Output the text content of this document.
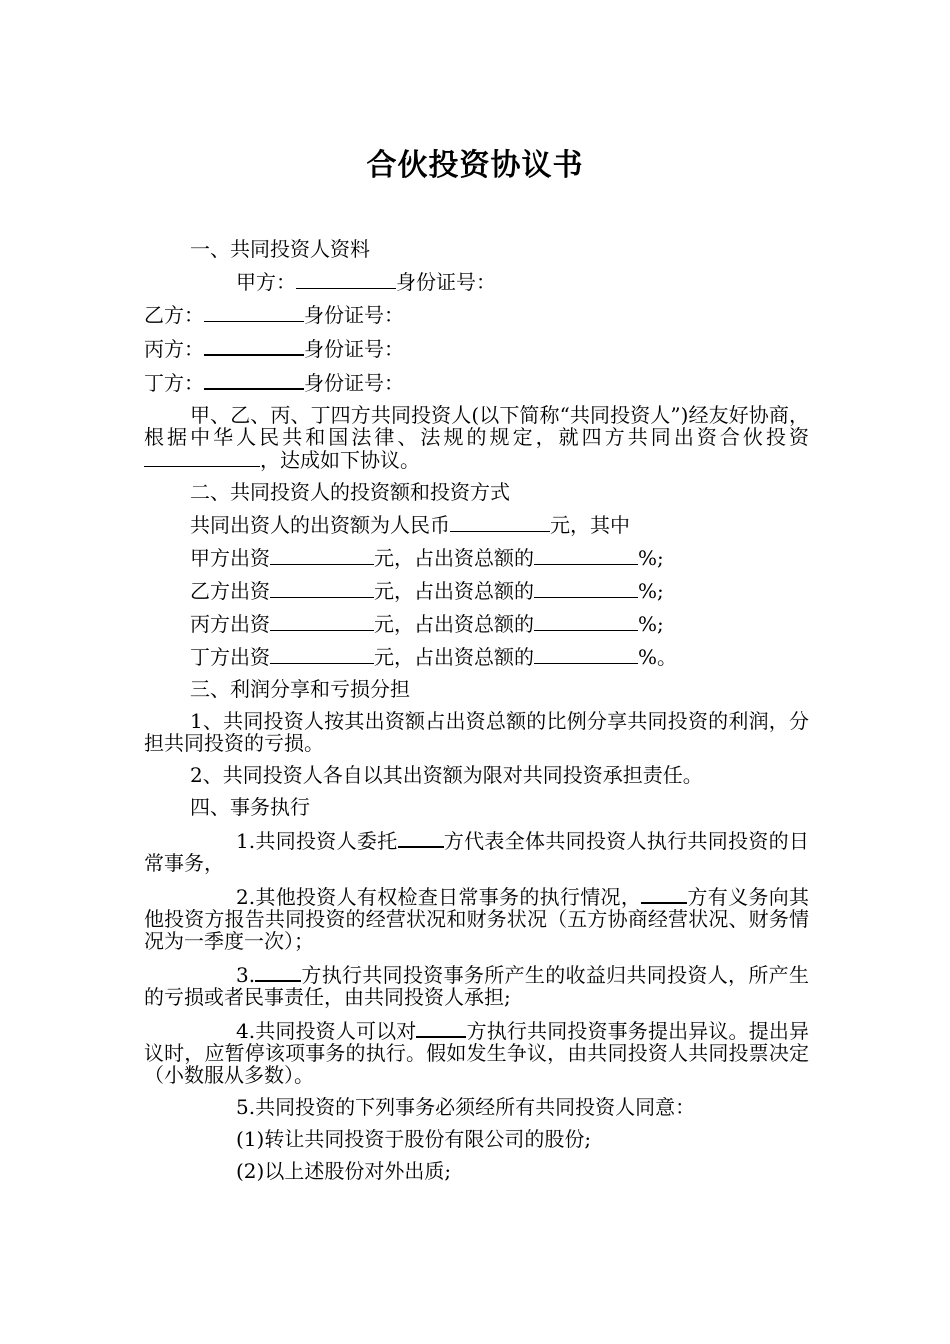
合伙投资协议书

一、共同投资人资料

甲方：	身份证号：

乙方：	身份证号：

丙方：	身份证号：

丁方：	身份证号：

甲、乙、丙、丁四方共同投资人(以下简称“共同投资人”)经友好协商，根据中华人民共和国法律、法规的规定，就四方共同出资合伙投资，达成如下协议。

二、共同投资人的投资额和投资方式

共同出资人的出资额为人民币	元，其中

甲方出资	元，占出资总额的	%;

乙方出资	元，占出资总额的	%;

丙方出资	元，占出资总额的	%;

丁方出资	元，占出资总额的	%。

三、利润分享和亏损分担

1、共同投资人按其出资额占出资总额的比例分享共同投资的利润，分担共同投资的亏损。

2、共同投资人各自以其出资额为限对共同投资承担责任。

四、事务执行

1.共同投资人委托 方代表全体共同投资人执行共同投资的日常事务，

2.其他投资人有权检查日常事务的执行情况， 方有义务向其他投资方报告共同投资的经营状况和财务状况（五方协商经营状况、财务情况为一季度一次）；

3. 方执行共同投资事务所产生的收益归共同投资人，所产生的亏损或者民事责任，由共同投资人承担;

4.共同投资人可以对	方执行共同投资事务提出异议。提出异议时，应暂停该项事务的执行。假如发生争议，由共同投资人共同投票决定（小数服从多数）。

5.共同投资的下列事务必须经所有共同投资人同意：

(1)转让共同投资于股份有限公司的股份;

(2)以上述股份对外出质;
